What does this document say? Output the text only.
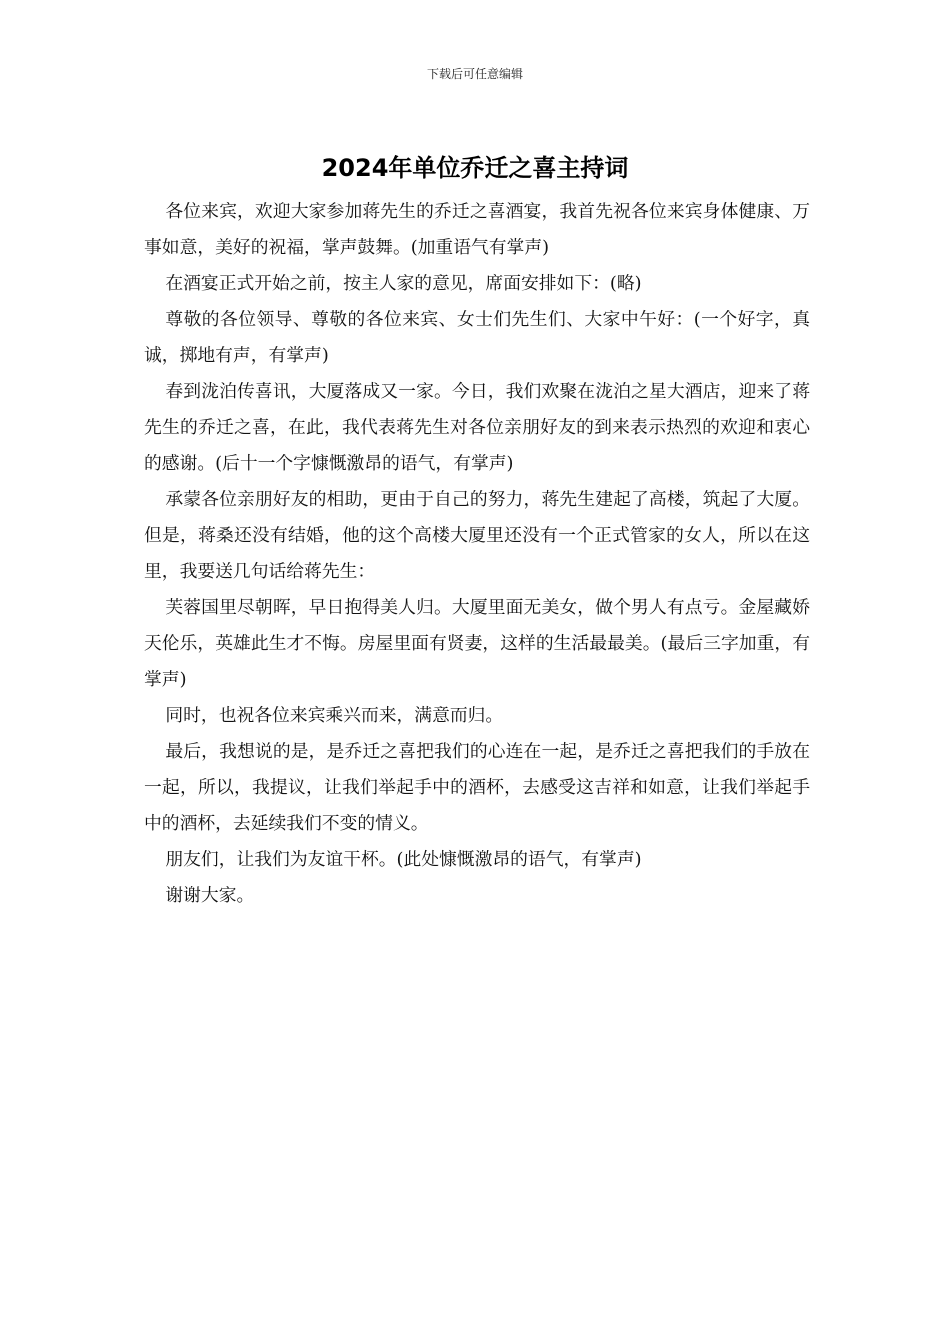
下载后可任意编辑
2024年单位乔迁之喜主持词

各位来宾，欢迎大家参加蒋先生的乔迁之喜酒宴，我首先祝各位来宾身体健康、万事如意，美好的祝福，掌声鼓舞。(加重语气有掌声)

在酒宴正式开始之前，按主人家的意见，席面安排如下：(略)

尊敬的各位领导、尊敬的各位来宾、女士们先生们、大家中午好：(一个好字，真诚，掷地有声，有掌声)

春到泷泊传喜讯，大厦落成又一家。今日，我们欢聚在泷泊之星大酒店，迎来了蒋先生的乔迁之喜，在此，我代表蒋先生对各位亲朋好友的到来表示热烈的欢迎和衷心的感谢。(后十一个字慷慨激昂的语气，有掌声)

承蒙各位亲朋好友的相助，更由于自己的努力，蒋先生建起了高楼，筑起了大厦。但是，蒋桑还没有结婚，他的这个高楼大厦里还没有一个正式管家的女人，所以在这里，我要送几句话给蒋先生：

芙蓉国里尽朝晖，早日抱得美人归。大厦里面无美女，做个男人有点亏。金屋藏娇天伦乐，英雄此生才不悔。房屋里面有贤妻，这样的生活最最美。(最后三字加重，有掌声)

同时，也祝各位来宾乘兴而来，满意而归。

最后，我想说的是，是乔迁之喜把我们的心连在一起，是乔迁之喜把我们的手放在一起，所以，我提议，让我们举起手中的酒杯，去感受这吉祥和如意，让我们举起手中的酒杯，去延续我们不变的情义。

朋友们，让我们为友谊干杯。(此处慷慨激昂的语气，有掌声)

谢谢大家。
